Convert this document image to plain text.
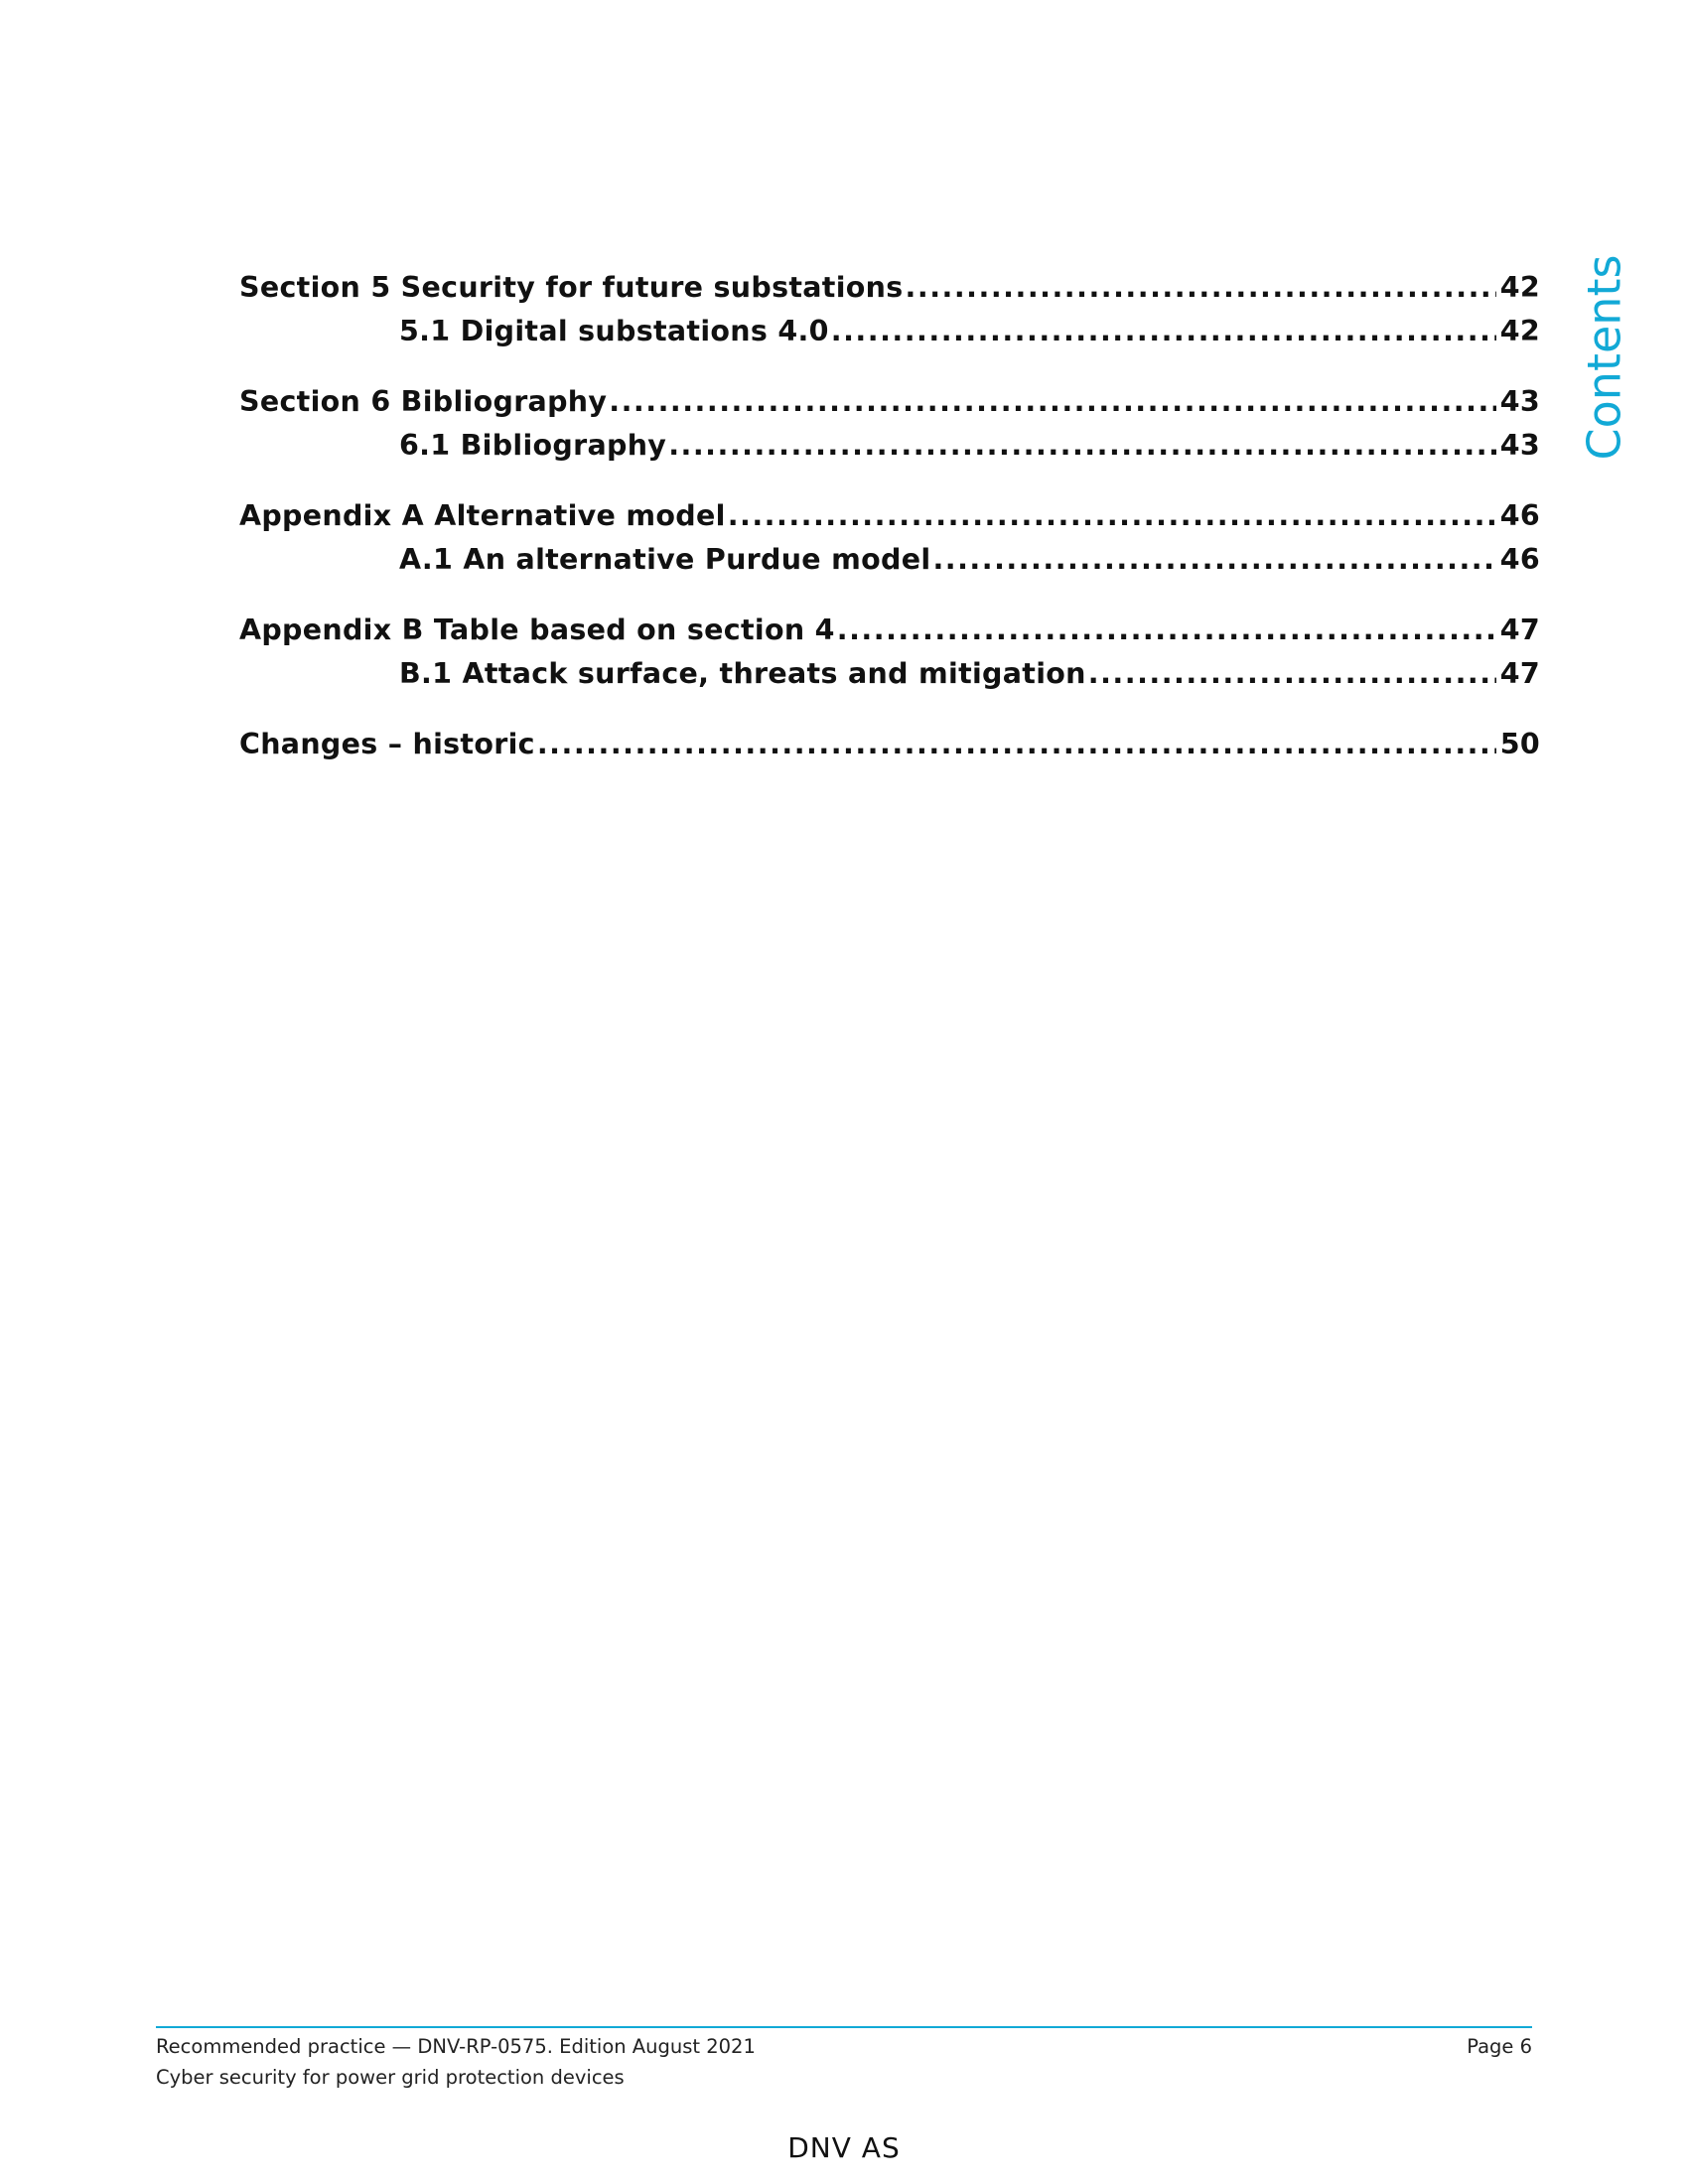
Section 5 Security for future substations .....	42
5.1 Digital substations 4.0 .....	42
Section 6 Bibliography .....	43
6.1 Bibliography .....	43
Appendix A Alternative model .....	46
A.1 An alternative Purdue model .....	46
Appendix B Table based on section 4 .....	47
B.1 Attack surface, threats and mitigation .....	47
Changes – historic .....	50
Contents
Recommended practice — DNV-RP-0575. Edition August 2021	Page 6
Cyber security for power grid protection devices
DNV AS
